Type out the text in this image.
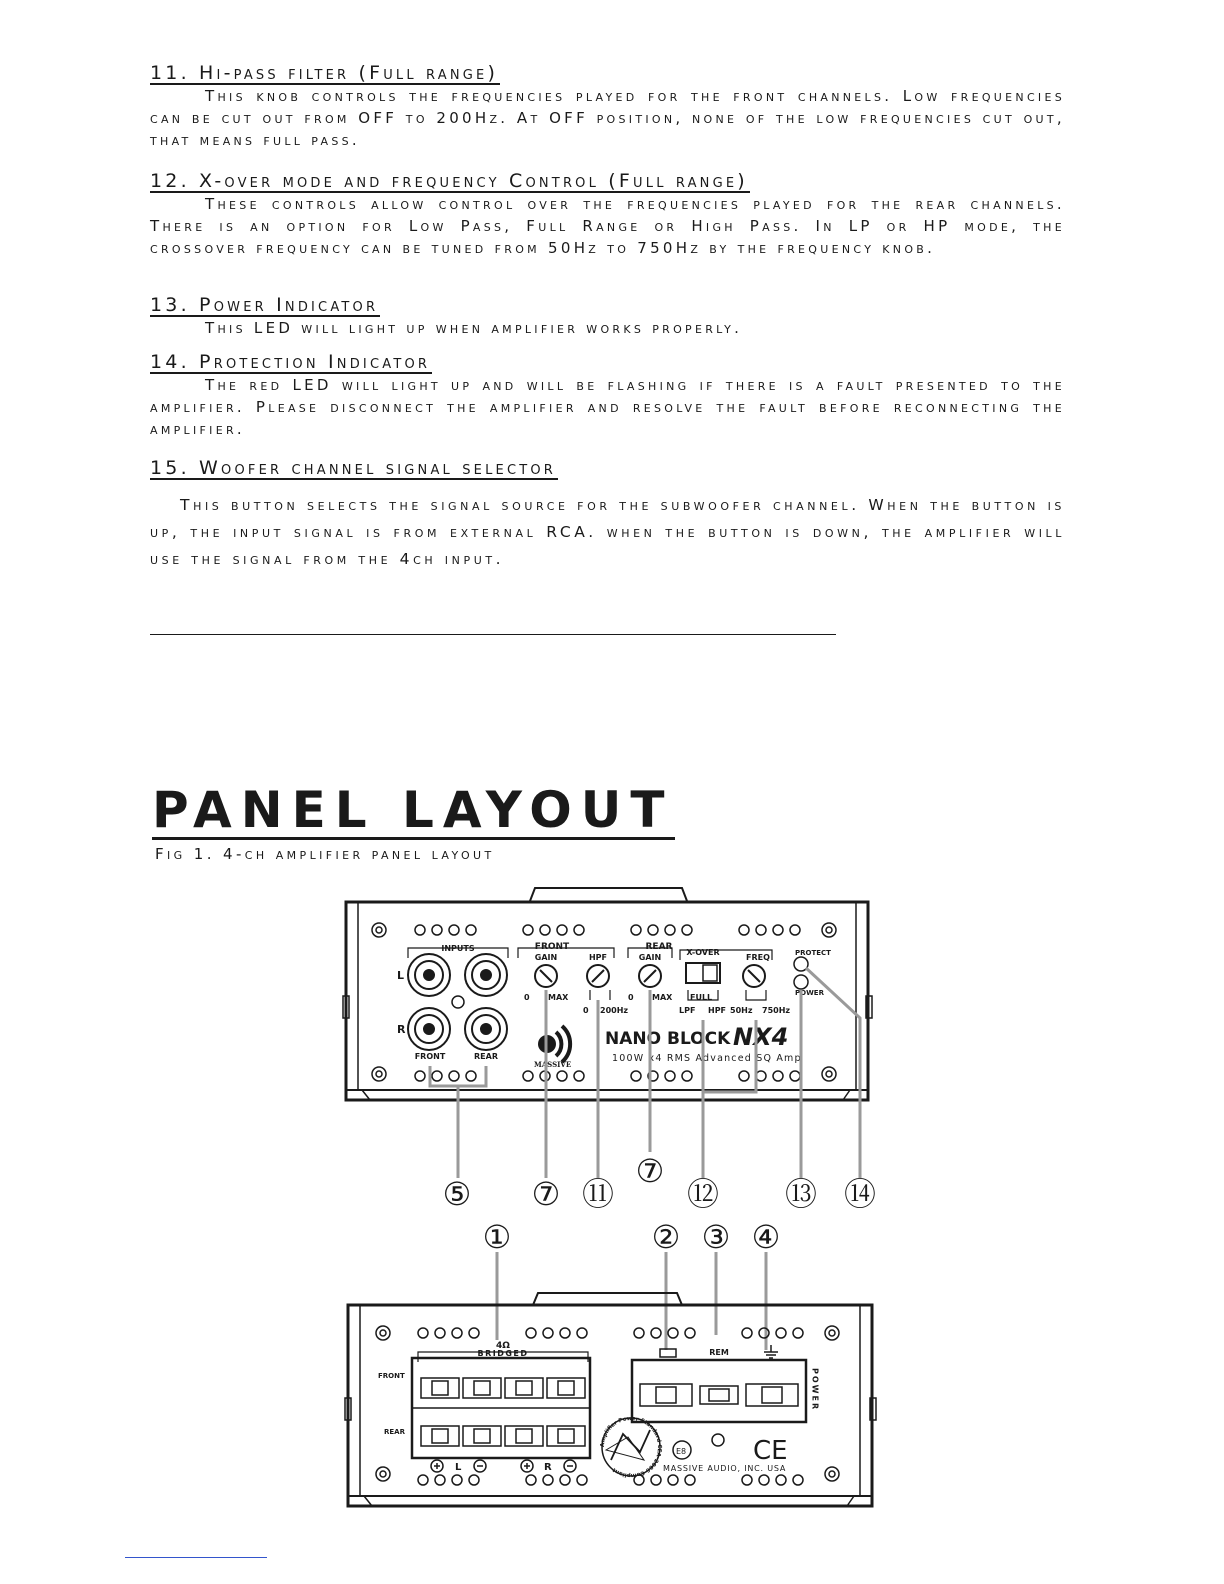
11. Hi-pass filter (Full range)

This knob controls the frequencies played for the front channels. Low frequencies can be cut out from OFF to 200Hz. At OFF position, none of the low frequencies cut out, that means full pass.

12. X-over mode and frequency Control (Full range)

These controls allow control over the frequencies played for the rear channels. There is an option for Low Pass, Full Range or High Pass. In LP or HP mode, the crossover frequency can be tuned from 50Hz to 750Hz by the frequency knob.

13. Power Indicator

This LED will light up when amplifier works properly.

14. Protection Indicator

The red LED will light up and will be flashing if there is a fault presented to the amplifier. Please disconnect the amplifier and resolve the fault before reconnecting the amplifier.

15. Woofer channel signal selector

This button selects the signal source for the subwoofer channel. When the button is up, the input signal is from external RCA. when the button is down, the amplifier will use the signal from the 4ch input.

PANEL LAYOUT
Fig 1. 4-ch amplifier panel layout
INPUTS
L
R
FRONT	REAR
FRONT	REAR
GAIN	HPF	GAIN
X-OVER
FREQ
0 MAX
0 200Hz
0 MAX
LPF
FULL
HPF 50Hz 750Hz
PROTECT
POWER
MASSIVE
NANO BLOCK NX4
100W x4 RMS Advanced SQ Amp
⑤ ⑦ ⑪
⑦
⑫ ⑬ ⑭
①	② ③ ④
4Ω
BRIDGED
FRONT
REAR
L	R
REM
POWER
MASSIVE AUDIO, INC. USA
CE
E8
Amplifier Power Standard CEA-2006 Compliant
